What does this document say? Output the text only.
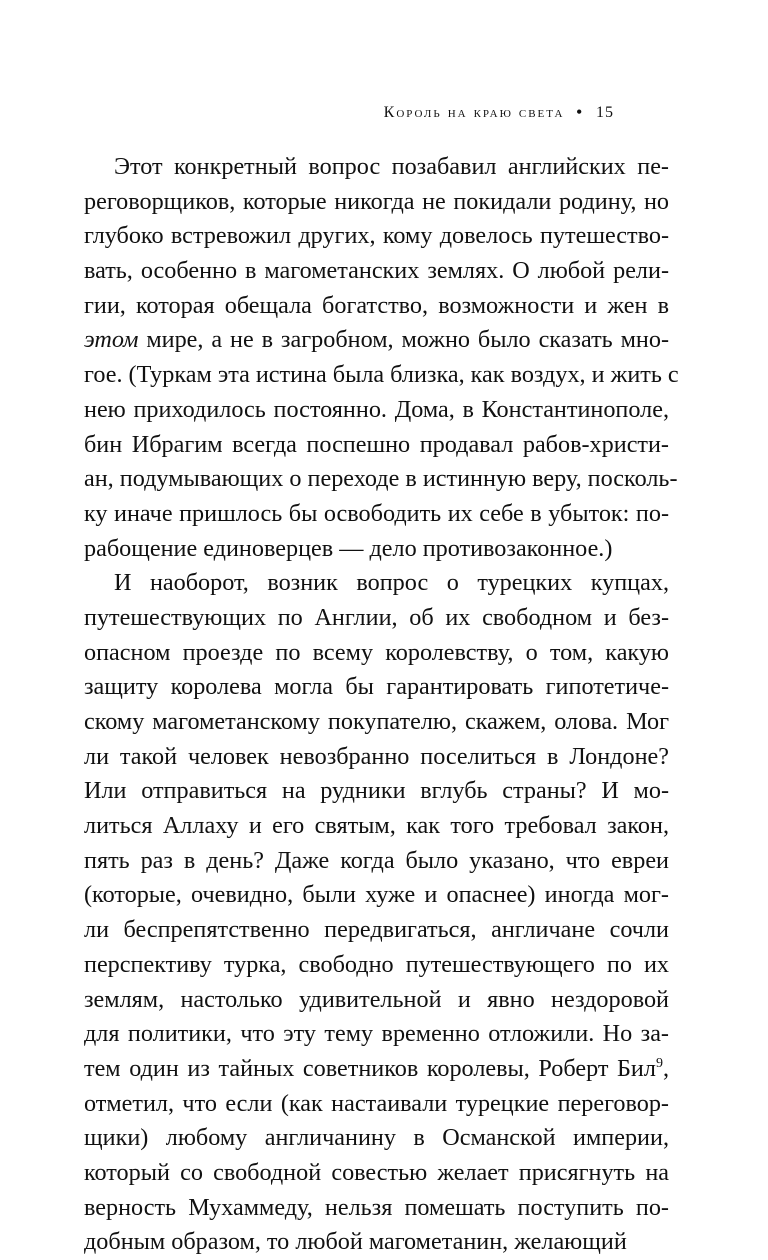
Король на краю света • 15
Этот конкретный вопрос позабавил английских пе-
реговорщиков, которые никогда не покидали родину, но
глубоко встревожил других, кому довелось путешество-
вать, особенно в магометанских землях. О любой рели-
гии, которая обещала богатство, возможности и жен в
этом мире, а не в загробном, можно было сказать мно-
гое. (Туркам эта истина была близка, как воздух, и жить с
нею приходилось постоянно. Дома, в Константинополе,
бин Ибрагим всегда поспешно продавал рабов-христи-
ан, подумывающих о переходе в истинную веру, посколь-
ку иначе пришлось бы освободить их себе в убыток: по-
рабощение единоверцев — дело противозаконное.)
И наоборот, возник вопрос о турецких купцах,
путешествующих по Англии, об их свободном и без-
опасном проезде по всему королевству, о том, какую
защиту королева могла бы гарантировать гипотетиче-
скому магометанскому покупателю, скажем, олова. Мог
ли такой человек невозбранно поселиться в Лондоне?
Или отправиться на рудники вглубь страны? И мо-
литься Аллаху и его святым, как того требовал закон,
пять раз в день? Даже когда было указано, что евреи
(которые, очевидно, были хуже и опаснее) иногда мог-
ли беспрепятственно передвигаться, англичане сочли
перспективу турка, свободно путешествующего по их
землям, настолько удивительной и явно нездоровой
для политики, что эту тему временно отложили. Но за-
тем один из тайных советников королевы, Роберт Бил$^9$,
отметил, что если (как настаивали турецкие переговор-
щики) любому англичанину в Османской империи,
который со свободной совестью желает присягнуть на
верность Мухаммеду, нельзя помешать поступить по-
добным образом, то любой магометанин, желающий
